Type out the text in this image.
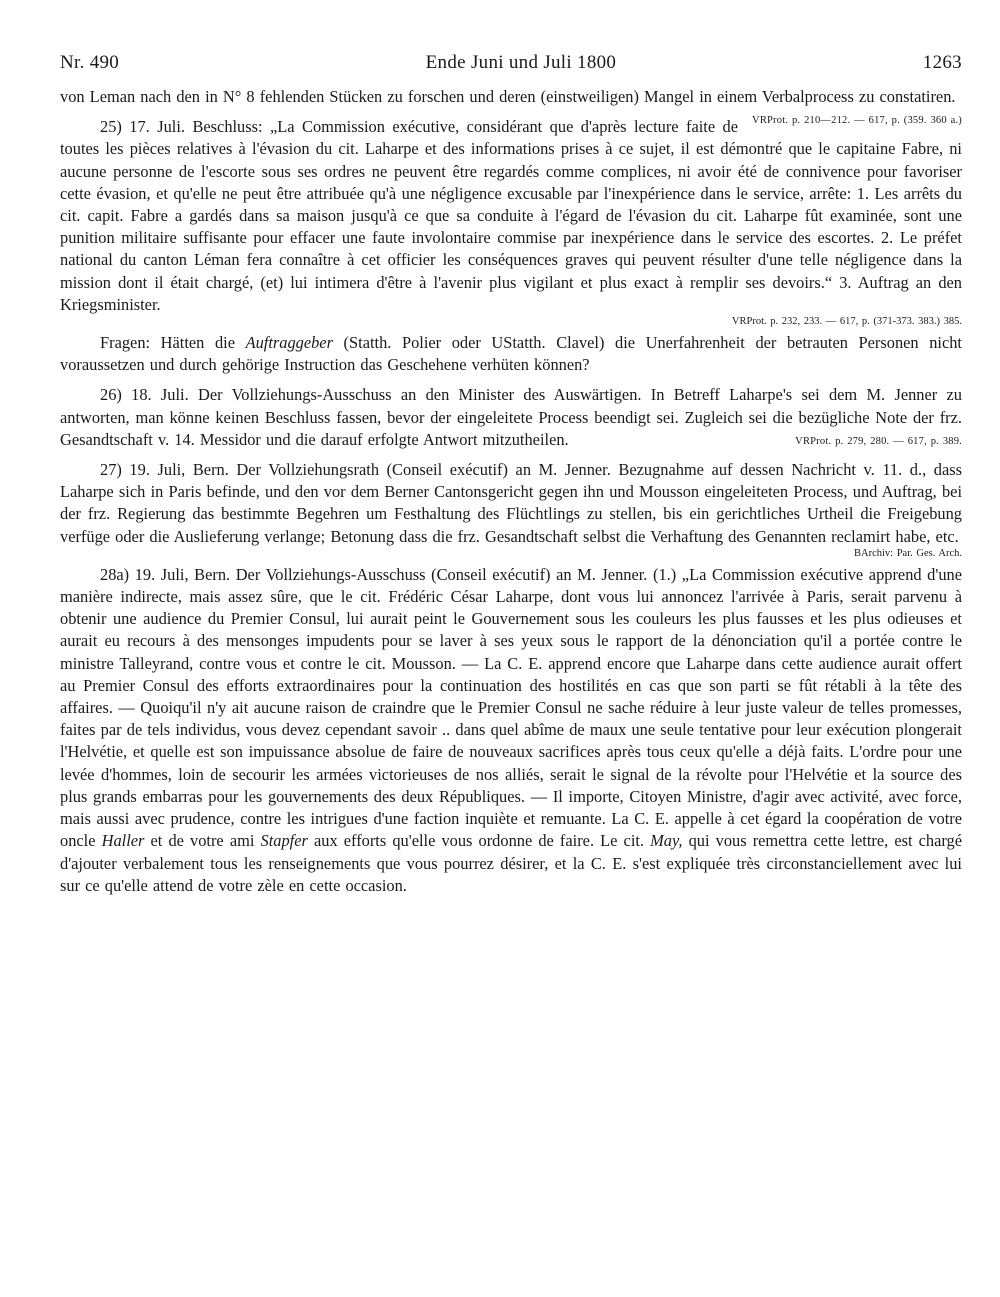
Nr. 490	Ende Juni und Juli 1800	1263

von Leman nach den in N° 8 fehlenden Stücken zu forschen und deren (einstweiligen) Mangel in einem Verbalprocess zu constatiren.
VRProt. p. 210—212. — 617, p. (359. 360 a.)

25) 17. Juli. Beschluss: „La Commission exécutive, considérant que d'après lecture faite de toutes les pièces relatives à l'évasion du cit. Laharpe et des informations prises à ce sujet, il est démontré que le capitaine Fabre, ni aucune personne de l'escorte sous ses ordres ne peuvent être regardés comme complices, ni avoir été de connivence pour favoriser cette évasion, et qu'elle ne peut être attribuée qu'à une négligence excusable par l'inexpérience dans le service, arrête: 1. Les arrêts du cit. capit. Fabre a gardés dans sa maison jusqu'à ce que sa conduite à l'égard de l'évasion du cit. Laharpe fût examinée, sont une punition militaire suffisante pour effacer une faute involontaire commise par inexpérience dans le service des escortes. 2. Le préfet national du canton Léman fera connaître à cet officier les conséquences graves qui peuvent résulter d'une telle négligence dans la mission dont il était chargé, (et) lui intimera d'être à l'avenir plus vigilant et plus exact à remplir ses devoirs.“ 3. Auftrag an den Kriegsminister.

VRProt. p. 232, 233. — 617, p. (371-373. 383.) 385.

Fragen: Hätten die Auftraggeber (Statth. Polier oder UStatth. Clavel) die Unerfahrenheit der betrauten Personen nicht voraussetzen und durch gehörige Instruction das Geschehene verhüten können?

26) 18. Juli. Der Vollziehungs-Ausschuss an den Minister des Auswärtigen. In Betreff Laharpe's sei dem M. Jenner zu antworten, man könne keinen Beschluss fassen, bevor der eingeleitete Process beendigt sei. Zugleich sei die bezügliche Note der frz. Gesandtschaft v. 14. Messidor und die darauf erfolgte Antwort mitzutheilen.	VRProt. p. 279, 280. — 617, p. 389.

27) 19. Juli, Bern. Der Vollziehungsrath (Conseil exécutif) an M. Jenner. Bezugnahme auf dessen Nachricht v. 11. d., dass Laharpe sich in Paris befinde, und den vor dem Berner Cantonsgericht gegen ihn und Mousson eingeleiteten Process, und Auftrag, bei der frz. Regierung das bestimmte Begehren um Festhaltung des Flüchtlings zu stellen, bis ein gerichtliches Urtheil die Freigebung verfüge oder die Auslieferung verlange; Betonung dass die frz. Gesandtschaft selbst die Verhaftung des Genannten reclamirt habe, etc.

BArchiv: Par. Ges. Arch.

28a) 19. Juli, Bern. Der Vollziehungs-Ausschuss (Conseil exécutif) an M. Jenner. (1.) „La Commission exécutive apprend d'une manière indirecte, mais assez sûre, que le cit. Frédéric César Laharpe, dont vous lui annoncez l'arrivée à Paris, serait parvenu à obtenir une audience du Premier Consul, lui aurait peint le Gouvernement sous les couleurs les plus fausses et les plus odieuses et aurait eu recours à des mensonges impudents pour se laver à ses yeux sous le rapport de la dénonciation qu'il a portée contre le ministre Talleyrand, contre vous et contre le cit. Mousson. — La C. E. apprend encore que Laharpe dans cette audience aurait offert au Premier Consul des efforts extraordinaires pour la continuation des hostilités en cas que son parti se fût rétabli à la tête des affaires. — Quoiqu'il n'y ait aucune raison de craindre que le Premier Consul ne sache réduire à leur juste valeur de telles promesses, faites par de tels individus, vous devez cependant savoir .. dans quel abîme de maux une seule tentative pour leur exécution plongerait l'Helvétie, et quelle est son impuissance absolue de faire de nouveaux sacrifices après tous ceux qu'elle a déjà faits. L'ordre pour une levée d'hommes, loin de secourir les armées victorieuses de nos alliés, serait le signal de la révolte pour l'Helvétie et la source des plus grands embarras pour les gouvernements des deux Républiques. — Il importe, Citoyen Ministre, d'agir avec activité, avec force, mais aussi avec prudence, contre les intrigues d'une faction inquiète et remuante. La C. E. appelle à cet égard la coopération de votre oncle Haller et de votre ami Stapfer aux efforts qu'elle vous ordonne de faire. Le cit. May, qui vous remettra cette lettre, est chargé d'ajouter verbalement tous les renseignements que vous pourrez désirer, et la C. E. s'est expliquée très circonstanciellement avec lui sur ce qu'elle attend de votre zèle en cette occasion.
